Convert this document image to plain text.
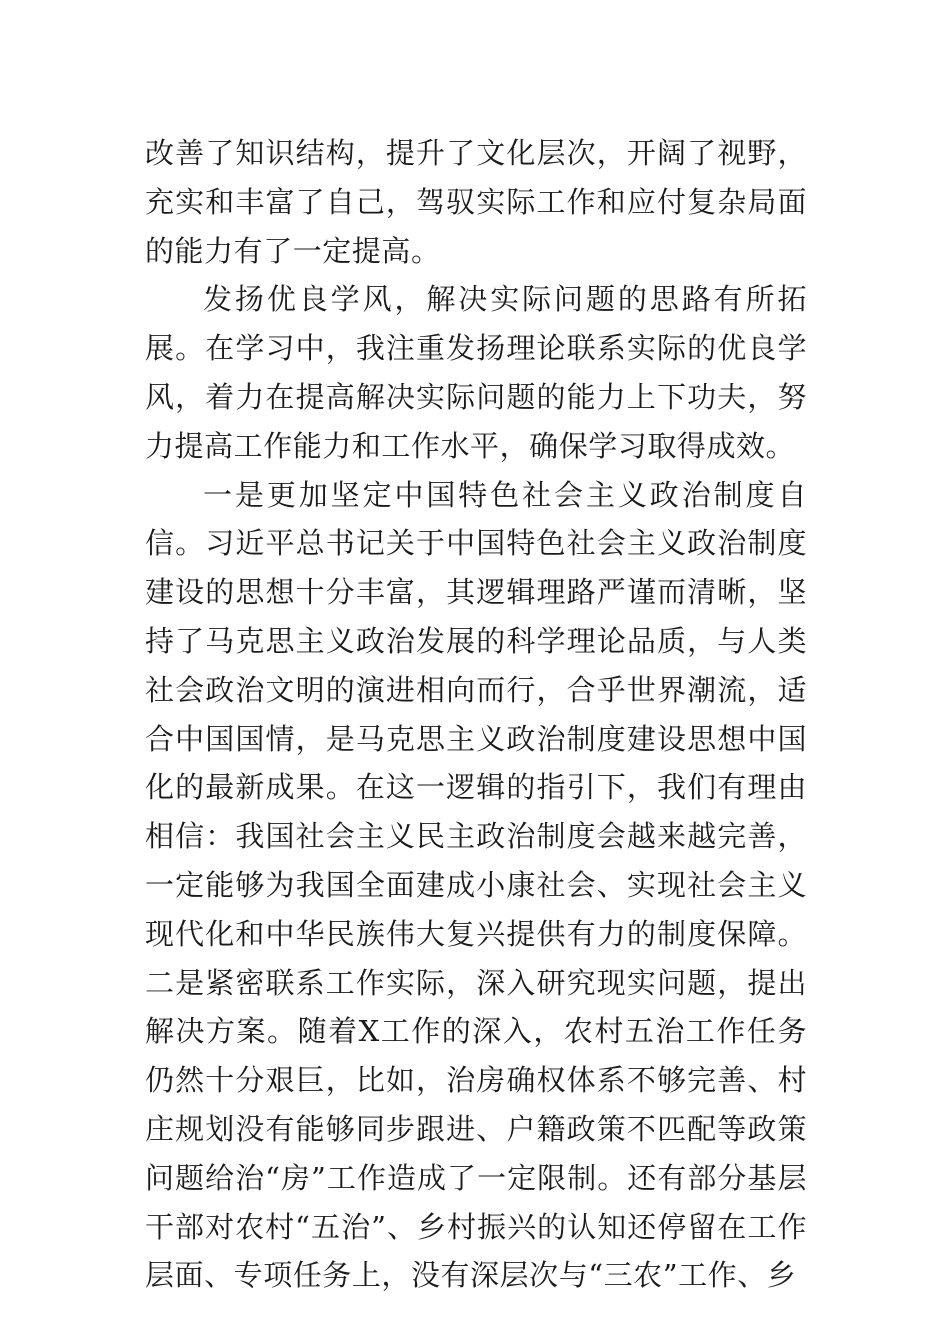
改善了知识结构，提升了文化层次，开阔了视野，充实和丰富了自己，驾驭实际工作和应付复杂局面的能力有了一定提高。

发扬优良学风，解决实际问题的思路有所拓展。在学习中，我注重发扬理论联系实际的优良学风，着力在提高解决实际问题的能力上下功夫，努力提高工作能力和工作水平，确保学习取得成效。

一是更加坚定中国特色社会主义政治制度自信。习近平总书记关于中国特色社会主义政治制度建设的思想十分丰富，其逻辑理路严谨而清晰，坚持了马克思主义政治发展的科学理论品质，与人类社会政治文明的演进相向而行，合乎世界潮流，适合中国国情，是马克思主义政治制度建设思想中国化的最新成果。在这一逻辑的指引下，我们有理由相信：我国社会主义民主政治制度会越来越完善，一定能够为我国全面建成小康社会、实现社会主义现代化和中华民族伟大复兴提供有力的制度保障。二是紧密联系工作实际，深入研究现实问题，提出解决方案。随着X工作的深入，农村五治工作任务仍然十分艰巨，比如，治房确权体系不够完善、村庄规划没有能够同步跟进、户籍政策不匹配等政策问题给治“房”工作造成了一定限制。还有部分基层干部对农村“五治”、乡村振兴的认知还停留在工作层面、专项任务上，没有深层次与“三农”工作、乡
